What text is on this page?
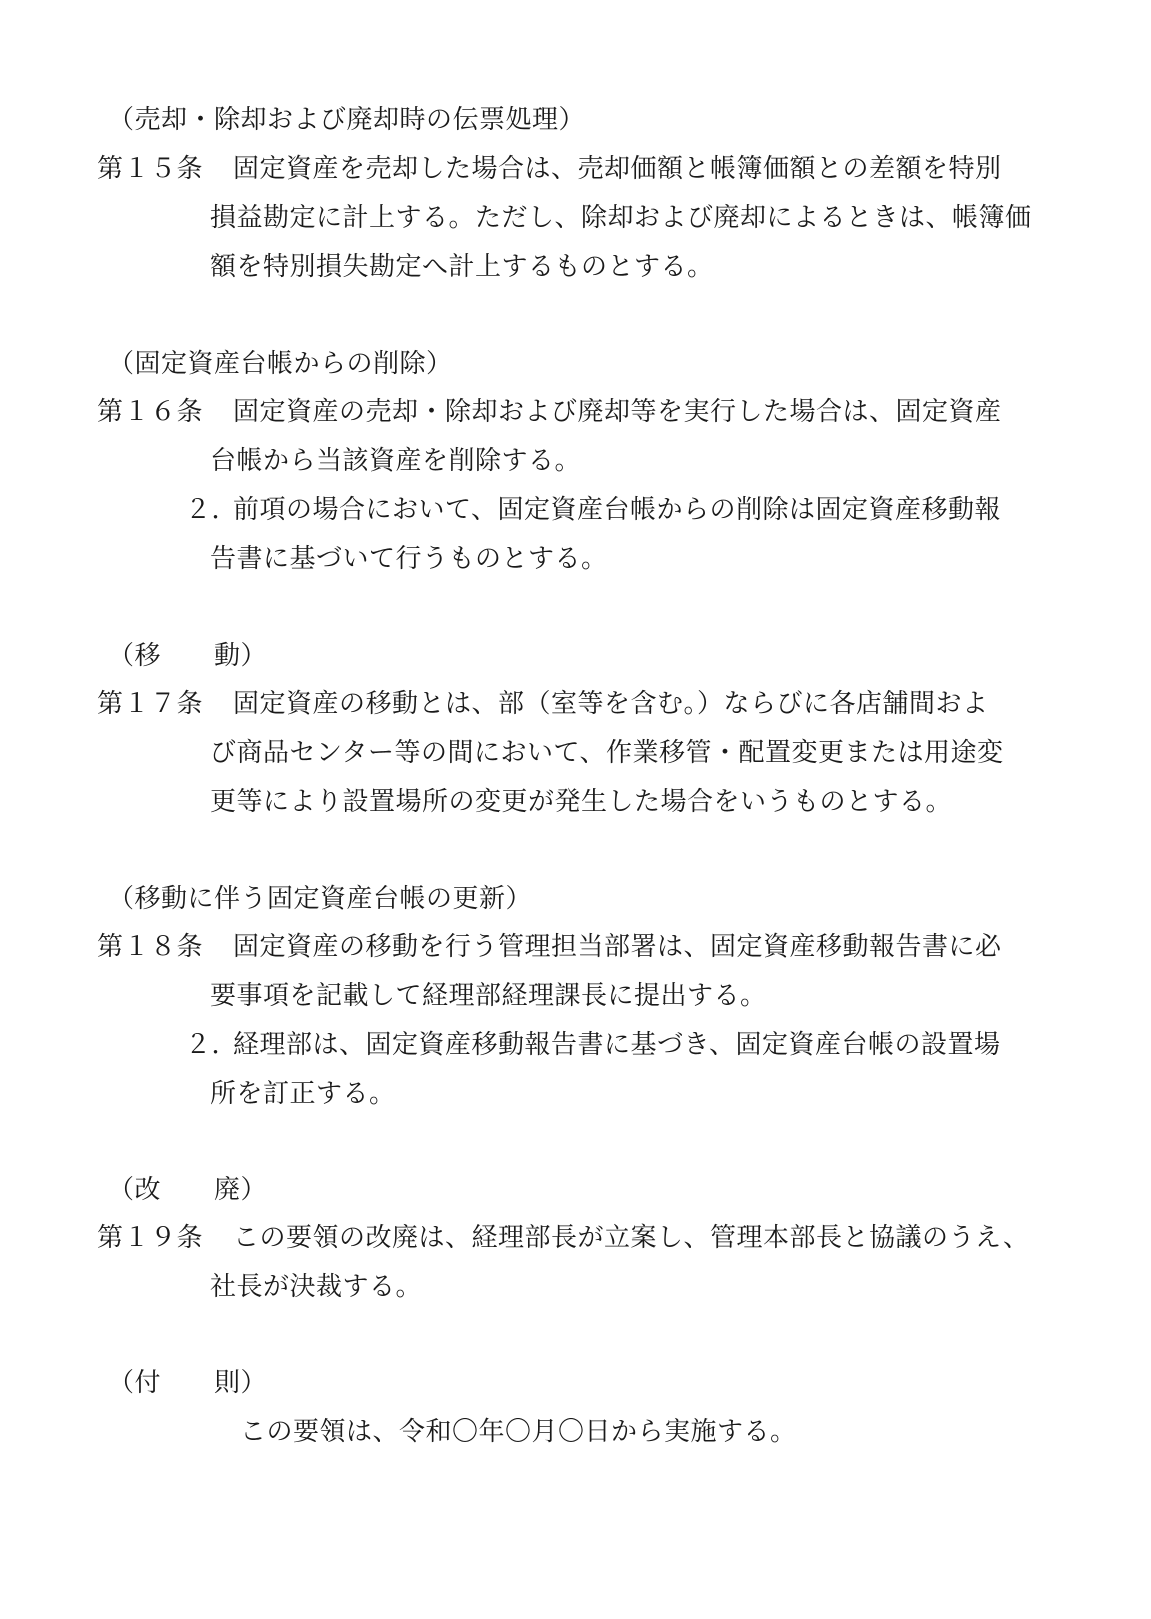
（売却・除却および廃却時の伝票処理）
第１５条 固定資産を売却した場合は、売却価額と帳簿価額との差額を特別
損益勘定に計上する。ただし、除却および廃却によるときは、帳簿価
額を特別損失勘定へ計上するものとする。
（固定資産台帳からの削除）
第１６条 固定資産の売却・除却および廃却等を実行した場合は、固定資産
台帳から当該資産を削除する。
２．
前項の場合において、固定資産台帳からの削除は固定資産移動報
告書に基づいて行うものとする。
（移　　動）
第１７条 固定資産の移動とは、部（室等を含む。）ならびに各店舗間およ
び商品センター等の間において、作業移管・配置変更または用途変
更等により設置場所の変更が発生した場合をいうものとする。
（移動に伴う固定資産台帳の更新）
第１８条 固定資産の移動を行う管理担当部署は、固定資産移動報告書に必
要事項を記載して経理部経理課長に提出する。
２．
経理部は、固定資産移動報告書に基づき、固定資産台帳の設置場
所を訂正する。
（改　　廃）
第１９条 この要領の改廃は、経理部長が立案し、管理本部長と協議のうえ、
社長が決裁する。
（付　　則）
この要領は、令和〇年〇月〇日から実施する。
